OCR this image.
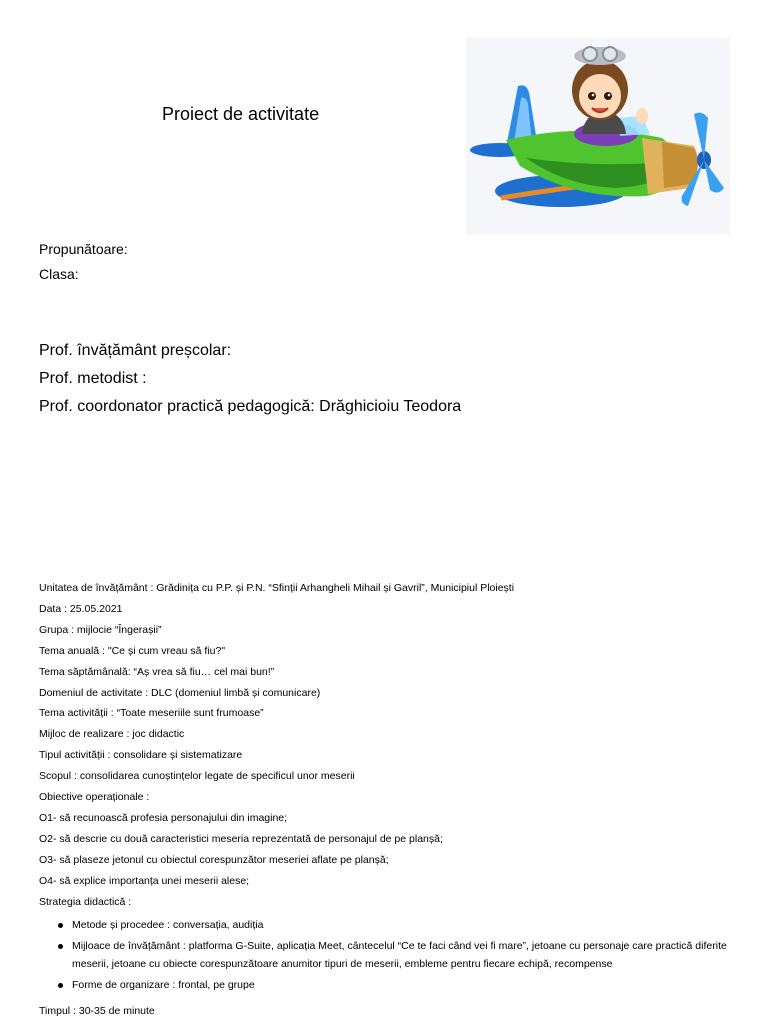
Proiect de activitate
Propunătoare:
Clasa:
Prof. învățământ preșcolar:
Prof. metodist :
Prof. coordonator practică pedagogică: Drăghicioiu Teodora
Unitatea de învățământ : Grădinița cu P.P. și P.N. “Sfinții Arhangheli Mihail și Gavril”, Municipiul Ploiești
Data : 25.05.2021
Grupa : mijlocie “Îngerașii”
Tema anuală : "Ce și cum vreau să fiu?"
Tema săptămânală: “Aș vrea să fiu… cel mai bun!”
Domeniul de activitate : DLC (domeniul limbă și comunicare)
Tema activității : “Toate meseriile sunt frumoase”
Mijloc de realizare : joc didactic
Tipul activității : consolidare și sistematizare
Scopul : consolidarea cunoștințelor legate de specificul unor meserii
Obiective operaționale :
O1- să recunoască profesia personajului din imagine;
O2- să descrie cu două caracteristici meseria reprezentată de personajul de pe planșă;
O3- să plaseze jetonul cu obiectul corespunzător meseriei aflate pe planșă;
O4- să explice importanța unei meserii alese;
Strategia didactică :
Metode și procedee : conversația, audiția
Mijloace de învățământ : platforma G-Suite, aplicația Meet, cântecelul “Ce te faci când vei fi mare”, jetoane cu personaje care practică diferite meserii, jetoane cu obiecte corespunzătoare anumitor tipuri de meserii, embleme pentru fiecare echipă, recompense
Forme de organizare : frontal, pe grupe
Timpul : 30-35 de minute
